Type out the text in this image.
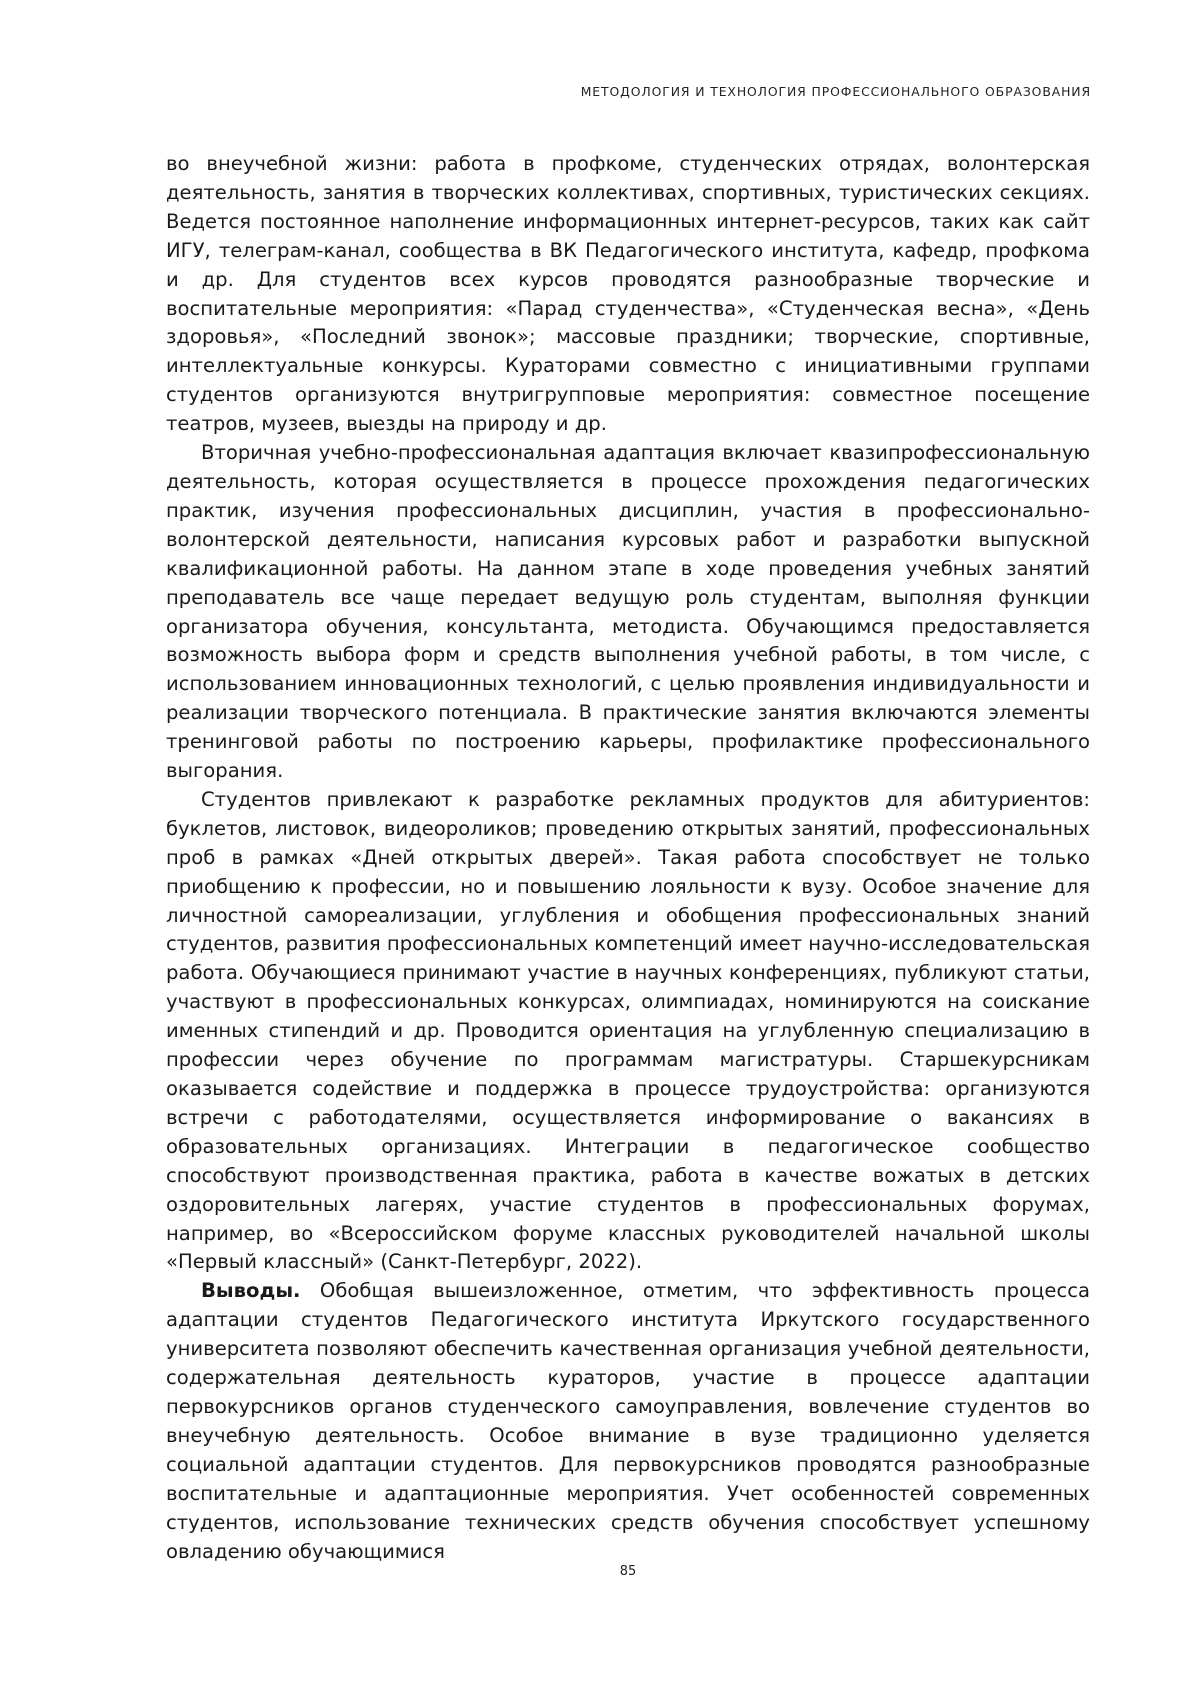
МЕТОДОЛОГИЯ И ТЕХНОЛОГИЯ ПРОФЕССИОНАЛЬНОГО ОБРАЗОВАНИЯ

во внеучебной жизни: работа в профкоме, студенческих отрядах, волонтерская деятельность, занятия в творческих коллективах, спортивных, туристических секциях. Ведется постоянное наполнение информационных интернет-ресурсов, таких как сайт ИГУ, телеграм-канал, сообщества в ВК Педагогического института, кафедр, профкома и др. Для студентов всех курсов проводятся разнообразные творческие и воспитательные мероприятия: «Парад студенчества», «Студенческая весна», «День здоровья», «Последний звонок»; массовые праздники; творческие, спортивные, интеллектуальные конкурсы. Кураторами совместно с инициативными группами студентов организуются внутригрупповые мероприятия: совместное посещение театров, музеев, выезды на природу и др.

Вторичная учебно-профессиональная адаптация включает квазипрофессиональную деятельность, которая осуществляется в процессе прохождения педагогических практик, изучения профессиональных дисциплин, участия в профессионально-волонтерской деятельности, написания курсовых работ и разработки выпускной квалификационной работы. На данном этапе в ходе проведения учебных занятий преподаватель все чаще передает ведущую роль студентам, выполняя функции организатора обучения, консультанта, методиста. Обучающимся предоставляется возможность выбора форм и средств выполнения учебной работы, в том числе, с использованием инновационных технологий, с целью проявления индивидуальности и реализации творческого потенциала. В практические занятия включаются элементы тренинговой работы по построению карьеры, профилактике профессионального выгорания.

Студентов привлекают к разработке рекламных продуктов для абитуриентов: буклетов, листовок, видеороликов; проведению открытых занятий, профессиональных проб в рамках «Дней открытых дверей». Такая работа способствует не только приобщению к профессии, но и повышению лояльности к вузу. Особое значение для личностной самореализации, углубления и обобщения профессиональных знаний студентов, развития профессиональных компетенций имеет научно-исследовательская работа. Обучающиеся принимают участие в научных конференциях, публикуют статьи, участвуют в профессиональных конкурсах, олимпиадах, номинируются на соискание именных стипендий и др. Проводится ориентация на углубленную специализацию в профессии через обучение по программам магистратуры. Старшекурсникам оказывается содействие и поддержка в процессе трудоустройства: организуются встречи с работодателями, осуществляется информирование о вакансиях в образовательных организациях. Интеграции в педагогическое сообщество способствуют производственная практика, работа в качестве вожатых в детских оздоровительных лагерях, участие студентов в профессиональных форумах, например, во «Всероссийском форуме классных руководителей начальной школы «Первый классный» (Санкт-Петербург, 2022).

Выводы. Обобщая вышеизложенное, отметим, что эффективность процесса адаптации студентов Педагогического института Иркутского государственного университета позволяют обеспечить качественная организация учебной деятельности, содержательная деятельность кураторов, участие в процессе адаптации первокурсников органов студенческого самоуправления, вовлечение студентов во внеучебную деятельность. Особое внимание в вузе традиционно уделяется социальной адаптации студентов. Для первокурсников проводятся разнообразные воспитательные и адаптационные мероприятия. Учет особенностей современных студентов, использование технических средств обучения способствует успешному овладению обучающимися

85
